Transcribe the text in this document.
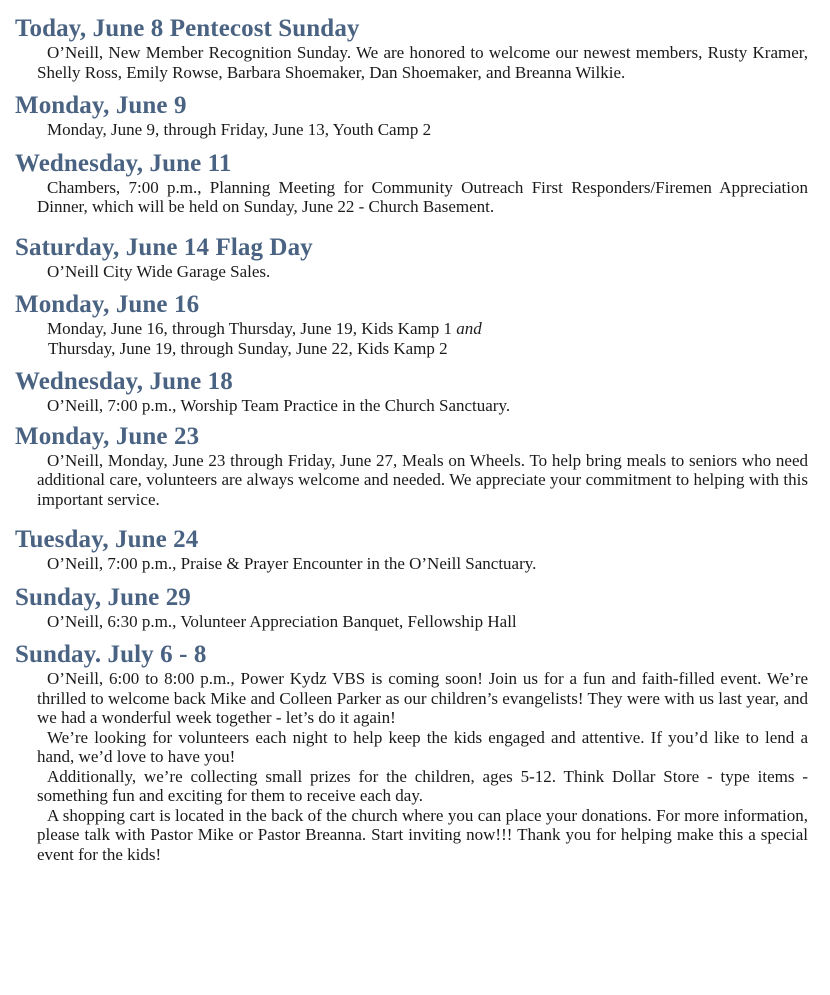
Today, June 8 Pentecost Sunday

O’Neill, New Member Recognition Sunday. We are honored to welcome our newest members, Rusty Kramer, Shelly Ross, Emily Rowse, Barbara Shoemaker, Dan Shoemaker, and Breanna Wilkie.

Monday, June 9

Monday, June 9, through Friday, June 13, Youth Camp 2

Wednesday, June 11

Chambers, 7:00 p.m., Planning Meeting for Community Outreach First Responders/Firemen Appreciation Dinner, which will be held on Sunday, June 22 - Church Basement.

Saturday, June 14 Flag Day

O’Neill City Wide Garage Sales.

Monday, June 16

Monday, June 16, through Thursday, June 19, Kids Kamp 1 and

Thursday, June 19, through Sunday, June 22, Kids Kamp 2

Wednesday, June 18

O’Neill, 7:00 p.m., Worship Team Practice in the Church Sanctuary.

Monday, June 23

O’Neill, Monday, June 23 through Friday, June 27, Meals on Wheels. To help bring meals to seniors who need additional care, volunteers are always welcome and needed. We appreciate your commitment to helping with this important service.

Tuesday, June 24

O’Neill, 7:00 p.m., Praise & Prayer Encounter in the O’Neill Sanctuary.

Sunday, June 29

O’Neill, 6:30 p.m., Volunteer Appreciation Banquet, Fellowship Hall

Sunday. July 6 - 8

O’Neill, 6:00 to 8:00 p.m., Power Kydz VBS is coming soon! Join us for a fun and faith-filled event. We’re thrilled to welcome back Mike and Colleen Parker as our children’s evangelists! They were with us last year, and we had a wonderful week together - let’s do it again!

We’re looking for volunteers each night to help keep the kids engaged and attentive. If you’d like to lend a hand, we’d love to have you!

Additionally, we’re collecting small prizes for the children, ages 5-12. Think Dollar Store - type items - something fun and exciting for them to receive each day.

A shopping cart is located in the back of the church where you can place your donations. For more information, please talk with Pastor Mike or Pastor Breanna. Start inviting now!!! Thank you for helping make this a special event for the kids!
